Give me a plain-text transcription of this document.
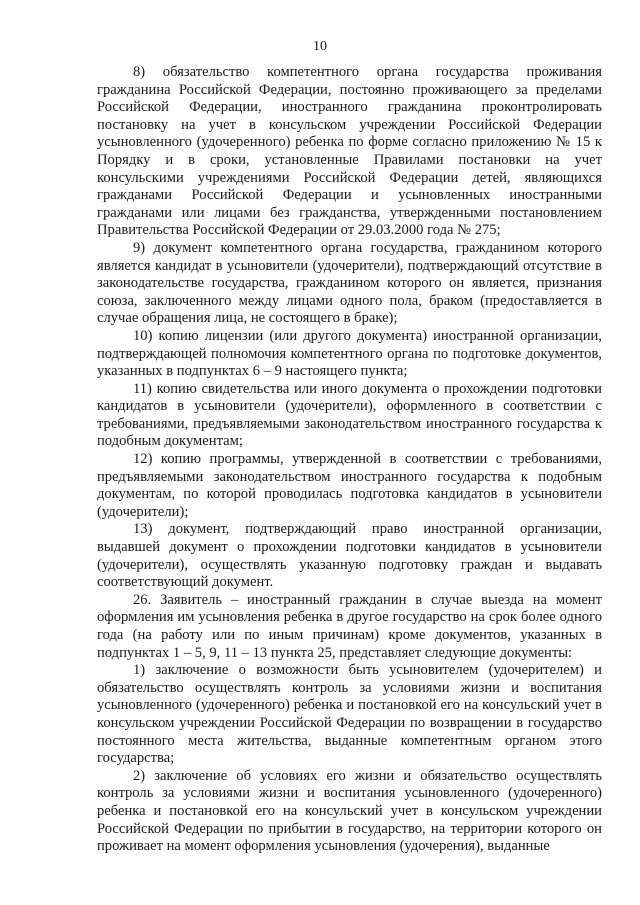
10

8) обязательство компетентного органа государства проживания гражданина Российской Федерации, постоянно проживающего за пределами Российской Федерации, иностранного гражданина проконтролировать постановку на учет в консульском учреждении Российской Федерации усыновленного (удочеренного) ребенка по форме согласно приложению № 15 к Порядку и в сроки, установленные Правилами постановки на учет консульскими учреждениями Российской Федерации детей, являющихся гражданами Российской Федерации и усыновленных иностранными гражданами или лицами без гражданства, утвержденными постановлением Правительства Российской Федерации от 29.03.2000 года № 275;

9) документ компетентного органа государства, гражданином которого является кандидат в усыновители (удочерители), подтверждающий отсутствие в законодательстве государства, гражданином которого он является, признания союза, заключенного между лицами одного пола, браком (предоставляется в случае обращения лица, не состоящего в браке);

10) копию лицензии (или другого документа) иностранной организации, подтверждающей полномочия компетентного органа по подготовке документов, указанных в подпунктах 6 – 9 настоящего пункта;

11) копию свидетельства или иного документа о прохождении подготовки кандидатов в усыновители (удочерители), оформленного в соответствии с требованиями, предъявляемыми законодательством иностранного государства к подобным документам;

12) копию программы, утвержденной в соответствии с требованиями, предъявляемыми законодательством иностранного государства к подобным документам, по которой проводилась подготовка кандидатов в усыновители (удочерители);

13) документ, подтверждающий право иностранной организации, выдавшей документ о прохождении подготовки кандидатов в усыновители (удочерители), осуществлять указанную подготовку граждан и выдавать соответствующий документ.

26. Заявитель – иностранный гражданин в случае выезда на момент оформления им усыновления ребенка в другое государство на срок более одного года (на работу или по иным причинам) кроме документов, указанных в подпунктах 1 – 5, 9, 11 – 13 пункта 25, представляет следующие документы:

1) заключение о возможности быть усыновителем (удочерителем) и обязательство осуществлять контроль за условиями жизни и воспитания усыновленного (удочеренного) ребенка и постановкой его на консульский учет в консульском учреждении Российской Федерации по возвращении в государство постоянного места жительства, выданные компетентным органом этого государства;

2) заключение об условиях его жизни и обязательство осуществлять контроль за условиями жизни и воспитания усыновленного (удочеренного) ребенка и постановкой его на консульский учет в консульском учреждении Российской Федерации по прибытии в государство, на территории которого он проживает на момент оформления усыновления (удочерения), выданные
